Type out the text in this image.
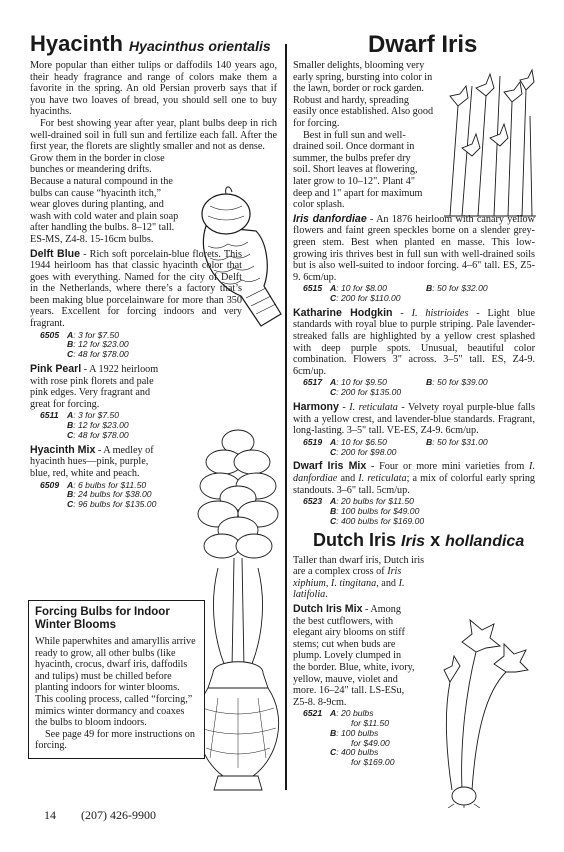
Hyacinth Hyacinthus orientalis

More popular than either tulips or daffodils 140 years ago, their heady fragrance and range of colors make them a favorite in the spring. An old Persian proverb says that if you have two loaves of bread, you should sell one to buy hyacinths.

For best showing year after year, plant bulbs deep in rich well-drained soil in full sun and fertilize each fall. After the first year, the florets are slightly smaller and not as dense.

Grow them in the border in close bunches or meandering drifts. Because a natural compound in the bulbs can cause “hyacinth itch,” wear gloves during planting, and wash with cold water and plain soap after handling the bulbs. 8–12" tall. ES-MS, Z4-8. 15-16cm bulbs.

Delft Blue - Rich soft porcelain-blue florets. This 1944 heirloom has that classic hyacinth color that goes with everything. Named for the city of Delft in the Netherlands, where there’s a factory that’s been making blue porcelainware for more than 350 years. Excellent for forcing indoors and very fragrant.

6505 A: 3 for $7.50
B: 12 for $23.00
C: 48 for $78.00

Pink Pearl - A 1922 heirloom with rose pink florets and pale pink edges. Very fragrant and great for forcing.

6511 A: 3 for $7.50
B: 12 for $23.00
C: 48 for $78.00

Hyacinth Mix - A medley of hyacinth hues—pink, purple, blue, red, white and peach.

6509 A: 6 bulbs for $11.50
B: 24 bulbs for $38.00
C: 96 bulbs for $135.00
Forcing Bulbs for Indoor Winter Blooms

While paperwhites and amaryllis arrive ready to grow, all other bulbs (like hyacinth, crocus, dwarf iris, daffodils and tulips) must be chilled before planting indoors for winter blooms. This cooling process, called “forcing,” mimics winter dormancy and coaxes the bulbs to bloom indoors.

See page 49 for more instructions on forcing.

Dwarf Iris

Smaller delights, blooming very early spring, bursting into color in the lawn, border or rock garden. Robust and hardy, spreading easily once established. Also good for forcing.

Best in full sun and well-drained soil. Once dormant in summer, the bulbs prefer dry soil. Short leaves at flowering, later grow to 10–12". Plant 4" deep and 1" apart for maximum color splash.

Iris danfordiae - An 1876 heirloom with canary yellow flowers and faint green speckles borne on a slender grey-green stem. Best when planted en masse. This low-growing iris thrives best in full sun with well-drained soils but is also well-suited to indoor forcing. 4–6" tall. ES, Z5-9. 6cm/up.

6515 A: 10 for $8.00	B: 50 for $32.00
C: 200 for $110.00

Katharine Hodgkin - I. histrioides - Light blue standards with royal blue to purple striping. Pale lavender-streaked falls are highlighted by a yellow crest splashed with deep purple spots. Unusual, beautiful color combination. Flowers 3" across. 3–5" tall. ES, Z4-9. 6cm/up.

6517 A: 10 for $9.50	B: 50 for $39.00
C: 200 for $135.00

Harmony - I. reticulata - Velvety royal purple-blue falls with a yellow crest, and lavender-blue standards. Fragrant, long-lasting. 3–5" tall. VE-ES, Z4-9. 6cm/up.

6519 A: 10 for $6.50	B: 50 for $31.00
C: 200 for $98.00

Dwarf Iris Mix - Four or more mini varieties from I. danfordiae and I. reticulata; a mix of colorful early spring standouts. 3–6" tall. 5cm/up.

6523 A: 20 bulbs for $11.50
B: 100 bulbs for $49.00
C: 400 bulbs for $169.00
Dutch Iris Iris x hollandica

Taller than dwarf iris, Dutch iris are a complex cross of Iris xiphium, I. tingitana, and I. latifolia.

Dutch Iris Mix - Among the best cutflowers, with elegant airy blooms on stiff stems; cut when buds are plump. Lovely clumped in the border. Blue, white, ivory, yellow, mauve, violet and more. 16–24" tall. LS-ESu, Z5-8. 8-9cm.

6521 A: 20 bulbs
for $11.50
B: 100 bulbs
for $49.00
C: 400 bulbs
for $169.00
14 (207) 426-9900
